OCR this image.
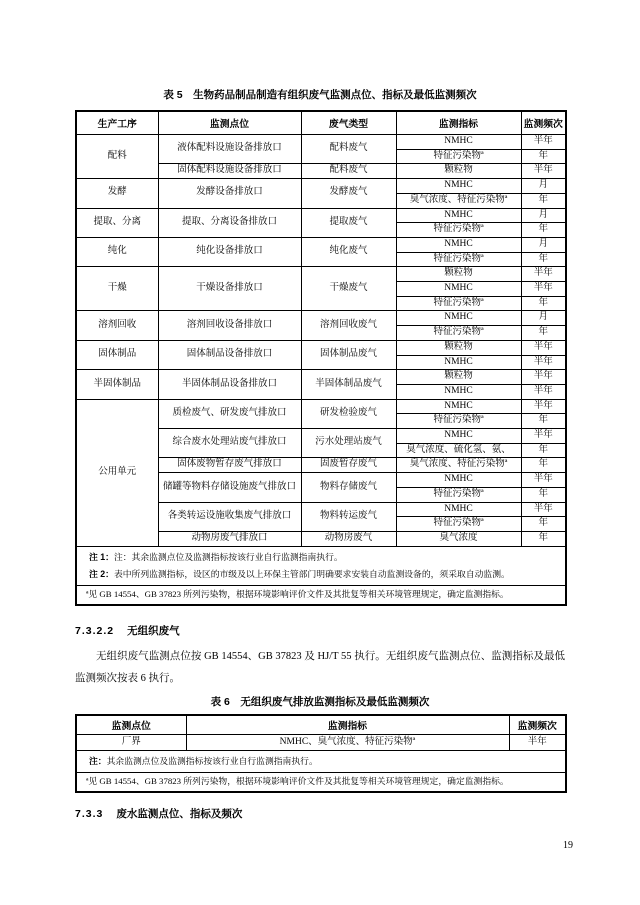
表 5　生物药品制品制造有组织废气监测点位、指标及最低监测频次
生产工序	监测点位	废气类型	监测指标	监测频次
配料	液体配料设施设备排放口	配料废气	NMHC	半年
			特征污染物ª	年
	固体配料设施设备排放口	配料废气	颗粒物	半年
发酵	发酵设备排放口	发酵废气	NMHC	月
			臭气浓度、特征污染物ª	年
提取、分离	提取、分离设备排放口	提取废气	NMHC	月
			特征污染物ª	年
纯化	纯化设备排放口	纯化废气	NMHC	月
			特征污染物ª	年
干燥	干燥设备排放口	干燥废气	颗粒物	半年
			NMHC	半年
			特征污染物ª	年
溶剂回收	溶剂回收设备排放口	溶剂回收废气	NMHC	月
			特征污染物ª	年
固体制品	固体制品设备排放口	固体制品废气	颗粒物	半年
			NMHC	半年
半固体制品	半固体制品设备排放口	半固体制品废气	颗粒物	半年
			NMHC	半年
公用单元	质检废气、研发废气排放口	研发检验废气	NMHC	半年
			特征污染物ª	年
	综合废水处理站废气排放口	污水处理站废气	NMHC	半年
			臭气浓度、硫化氢、氨、	年
	固体废物暂存废气排放口	固废暂存废气	臭气浓度、特征污染物ª	年
	储罐等物料存储设施废气排放口	物料存储废气	NMHC	半年
			特征污染物ª	年
	各类转运设施收集废气排放口	物料转运废气	NMHC	半年
			特征污染物ª	年
	动物房废气排放口	动物房废气	臭气浓度	年

注 1：注：其余监测点位及监测指标按该行业自行监测指南执行。
注 2：表中所列监测指标，设区的市级及以上环保主管部门明确要求安装自动监测设备的，须采取自动监测。				

ª见 GB 14554、GB 37823 所列污染物，根据环境影响评价文件及其批复等相关环境管理规定，确定监测指标。				
7.3.2.2 无组织废气

无组织废气监测点位按 GB 14554、GB 37823 及 HJ/T 55 执行。无组织废气监测点位、监测指标及最低监测频次按表 6 执行。

表 6　无组织废气排放监测指标及最低监测频次
监测点位	监测指标	监测频次
厂界	NMHC、臭气浓度、特征污染物ª	半年

注：其余监测点位及监测指标按该行业自行监测指南执行。		

ª见 GB 14554、GB 37823 所列污染物，根据环境影响评价文件及其批复等相关环境管理规定，确定监测指标。		
7.3.3 废水监测点位、指标及频次
19
